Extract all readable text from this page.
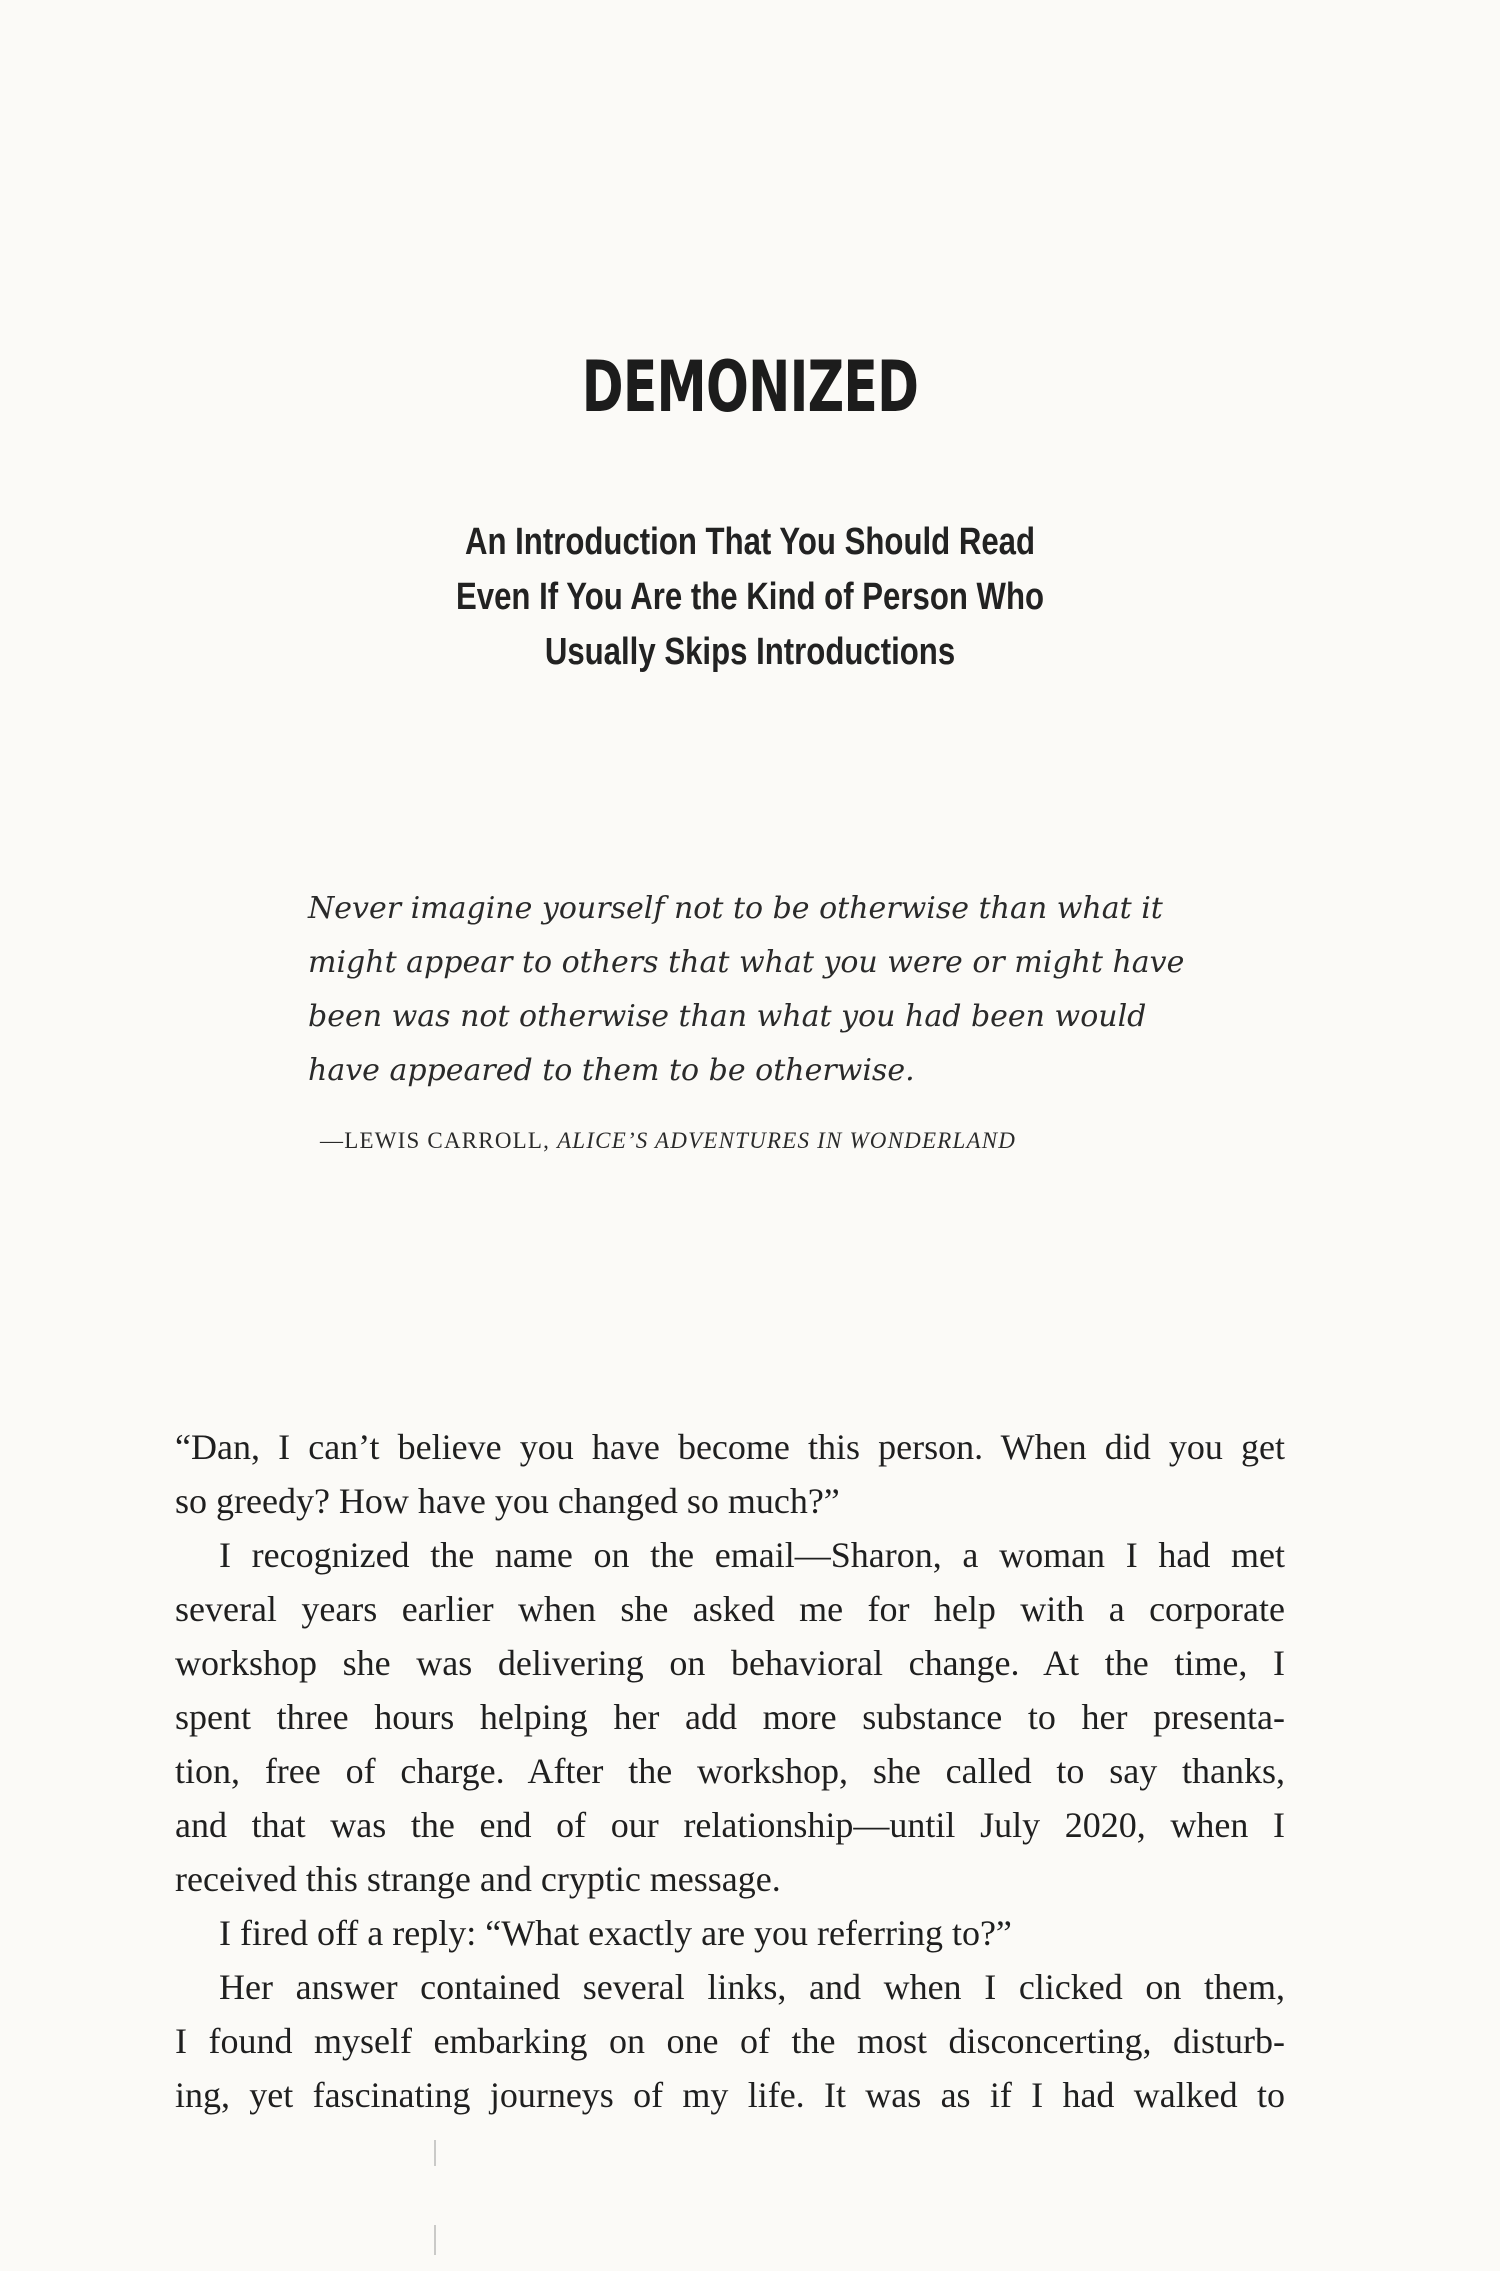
DEMONIZED
An Introduction That You Should Read
Even If You Are the Kind of Person Who
Usually Skips Introductions
Never imagine yourself not to be otherwise than what it
might appear to others that what you were or might have
been was not otherwise than what you had been would
have appeared to them to be otherwise.
—LEWIS CARROLL, ALICE’S ADVENTURES IN WONDERLAND
“Dan, I can’t believe you have become this person. When did you get
so greedy? How have you changed so much?”
I recognized the name on the email—Sharon, a woman I had met
several years earlier when she asked me for help with a corporate
workshop she was delivering on behavioral change. At the time, I
spent three hours helping her add more substance to her presenta-
tion, free of charge. After the workshop, she called to say thanks,
and that was the end of our relationship—until July 2020, when I
received this strange and cryptic message.
I fired off a reply: “What exactly are you referring to?”
Her answer contained several links, and when I clicked on them,
I found myself embarking on one of the most disconcerting, disturb-
ing, yet fascinating journeys of my life. It was as if I had walked to
